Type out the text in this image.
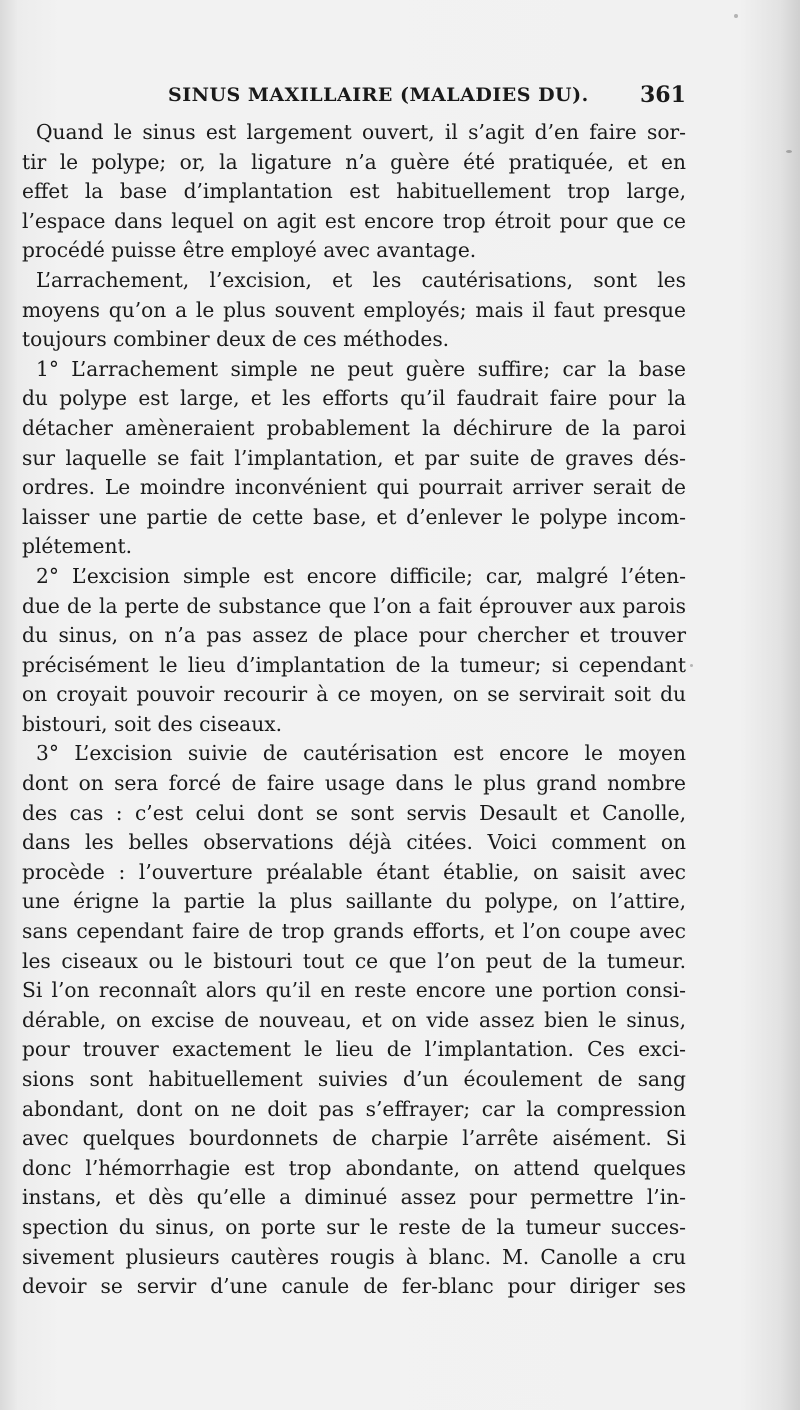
SINUS MAXILLAIRE (MALADIES DU). 361
Quand le sinus est largement ouvert, il s’agit d’en faire sor-
tir le polype; or, la ligature n’a guère été pratiquée, et en
effet la base d’implantation est habituellement trop large,
l’espace dans lequel on agit est encore trop étroit pour que ce
procédé puisse être employé avec avantage.
L’arrachement, l’excision, et les cautérisations, sont les
moyens qu’on a le plus souvent employés; mais il faut presque
toujours combiner deux de ces méthodes.
1° L’arrachement simple ne peut guère suffire; car la base
du polype est large, et les efforts qu’il faudrait faire pour la
détacher amèneraient probablement la déchirure de la paroi
sur laquelle se fait l’implantation, et par suite de graves dés-
ordres. Le moindre inconvénient qui pourrait arriver serait de
laisser une partie de cette base, et d’enlever le polype incom-
plétement.
2° L’excision simple est encore difficile; car, malgré l’éten-
due de la perte de substance que l’on a fait éprouver aux parois
du sinus, on n’a pas assez de place pour chercher et trouver
précisément le lieu d’implantation de la tumeur; si cependant
on croyait pouvoir recourir à ce moyen, on se servirait soit du
bistouri, soit des ciseaux.
3° L’excision suivie de cautérisation est encore le moyen
dont on sera forcé de faire usage dans le plus grand nombre
des cas : c’est celui dont se sont servis Desault et Canolle,
dans les belles observations déjà citées. Voici comment on
procède : l’ouverture préalable étant établie, on saisit avec
une érigne la partie la plus saillante du polype, on l’attire,
sans cependant faire de trop grands efforts, et l’on coupe avec
les ciseaux ou le bistouri tout ce que l’on peut de la tumeur.
Si l’on reconnaît alors qu’il en reste encore une portion consi-
dérable, on excise de nouveau, et on vide assez bien le sinus,
pour trouver exactement le lieu de l’implantation. Ces exci-
sions sont habituellement suivies d’un écoulement de sang
abondant, dont on ne doit pas s’effrayer; car la compression
avec quelques bourdonnets de charpie l’arrête aisément. Si
donc l’hémorrhagie est trop abondante, on attend quelques
instans, et dès qu’elle a diminué assez pour permettre l’in-
spection du sinus, on porte sur le reste de la tumeur succes-
sivement plusieurs cautères rougis à blanc. M. Canolle a cru
devoir se servir d’une canule de fer-blanc pour diriger ses
